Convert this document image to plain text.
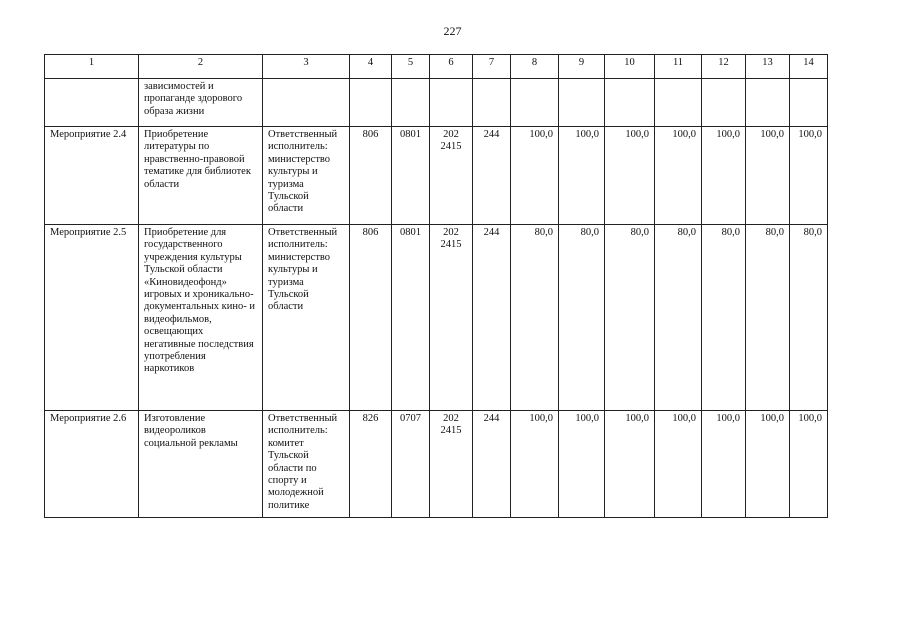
227
1	2	3	4	5	6	7	8	9	10	11	12	13	14
	зависимостей и пропаганде здорового образа жизни												
Мероприятие 2.4	Приобретение литературы по нравственно-правовой тематике для библиотек области	Ответственный исполнитель: министерство культуры и туризма Тульской области	806	0801	202 2415	244	100,0	100,0	100,0	100,0	100,0	100,0	100,0
Мероприятие 2.5	Приобретение для государственного учреждения культуры Тульской области «Киновидеофонд» игровых и хроникально-документальных кино- и видеофильмов, освещающих негативные последствия употребления наркотиков	Ответственный исполнитель: министерство культуры и туризма Тульской области	806	0801	202 2415	244	80,0	80,0	80,0	80,0	80,0	80,0	80,0
Мероприятие 2.6	Изготовление видеороликов социальной рекламы	Ответственный исполнитель: комитет Тульской области по спорту и молодежной политике	826	0707	202 2415	244	100,0	100,0	100,0	100,0	100,0	100,0	100,0
